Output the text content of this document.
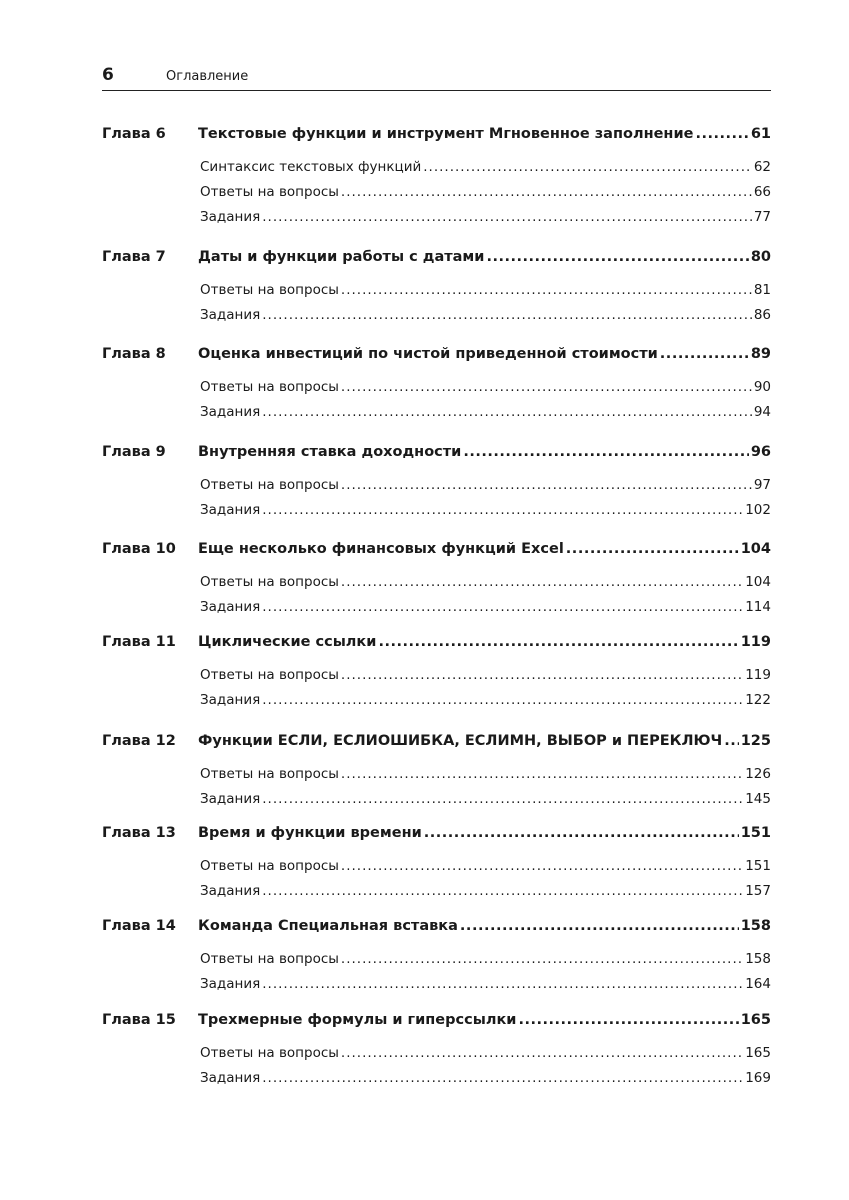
6	Оглавление
Глава 6	Текстовые функции и инструмент Мгновенное заполнение .....	61
Синтаксис текстовых функций .....	62
Ответы на вопросы .....	66
Задания .....	77
Глава 7	Даты и функции работы с датами .....	80
Ответы на вопросы .....	81
Задания .....	86
Глава 8	Оценка инвестиций по чистой приведенной стоимости .....	89
Ответы на вопросы .....	90
Задания .....	94
Глава 9	Внутренняя ставка доходности .....	96
Ответы на вопросы .....	97
Задания .....	102
Глава 10	Еще несколько финансовых функций Excel .....	104
Ответы на вопросы .....	104
Задания .....	114
Глава 11	Циклические ссылки .....	119
Ответы на вопросы .....	119
Задания .....	122
Глава 12	Функции ЕСЛИ, ЕСЛИОШИБКА, ЕСЛИМН, ВЫБОР и ПЕРЕКЛЮЧ ..... 125
Ответы на вопросы .....	126
Задания .....	145
Глава 13	Время и функции времени .....	151
Ответы на вопросы .....	151
Задания .....	157
Глава 14	Команда Специальная вставка .....	158
Ответы на вопросы .....	158
Задания .....	164
Глава 15	Трехмерные формулы и гиперссылки .....	165
Ответы на вопросы .....	165
Задания .....	169
